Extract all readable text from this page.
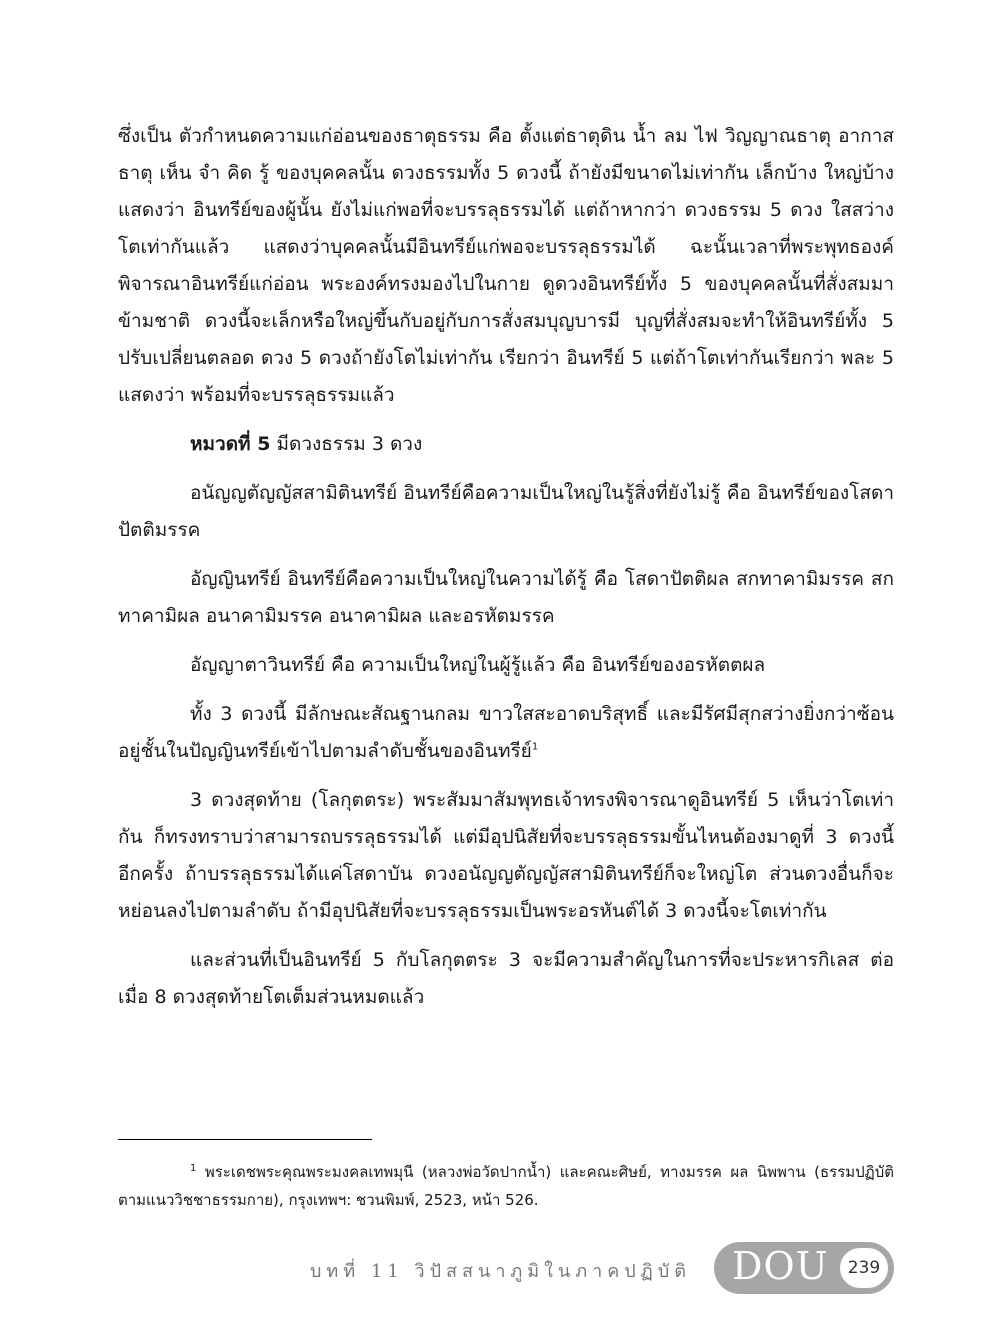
ซึ่งเป็น ตัวกำหนดความแก่อ่อนของธาตุธรรม คือ ตั้งแต่ธาตุดิน น้ำ ลม ไฟ วิญญาณธาตุ อากาสธาตุ เห็น จำ คิด รู้ ของบุคคลนั้น ดวงธรรมทั้ง 5 ดวงนี้ ถ้ายังมีขนาดไม่เท่ากัน เล็กบ้าง ใหญ่บ้าง แสดงว่า อินทรีย์ของผู้นั้น ยังไม่แก่พอที่จะบรรลุธรรมได้ แต่ถ้าหากว่า ดวงธรรม 5 ดวง ใสสว่างโตเท่ากันแล้ว แสดงว่าบุคคลนั้นมีอินทรีย์แก่พอจะบรรลุธรรมได้ ฉะนั้นเวลาที่พระพุทธองค์พิจารณาอินทรีย์แก่อ่อน พระองค์ทรงมองไปในกาย ดูดวงอินทรีย์ทั้ง 5 ของบุคคลนั้นที่สั่งสมมาข้ามชาติ ดวงนี้จะเล็กหรือใหญ่ขึ้นกับอยู่กับการสั่งสมบุญบารมี บุญที่สั่งสมจะทำให้อินทรีย์ทั้ง 5 ปรับเปลี่ยนตลอด ดวง 5 ดวงถ้ายังโตไม่เท่ากัน เรียกว่า อินทรีย์ 5 แต่ถ้าโตเท่ากันเรียกว่า พละ 5 แสดงว่า พร้อมที่จะบรรลุธรรมแล้ว

หมวดที่ 5 มีดวงธรรม 3 ดวง

อนัญญตัญญัสสามิตินทรีย์ อินทรีย์คือความเป็นใหญ่ในรู้สิ่งที่ยังไม่รู้ คือ อินทรีย์ของโสดาปัตติมรรค

อัญญินทรีย์ อินทรีย์คือความเป็นใหญ่ในความได้รู้ คือ โสดาปัตติผล สกทาคามิมรรค สกทาคามิผล อนาคามิมรรค อนาคามิผล และอรหัตมรรค

อัญญาตาวินทรีย์ คือ ความเป็นใหญ่ในผู้รู้แล้ว คือ อินทรีย์ของอรหัตตผล

ทั้ง 3 ดวงนี้ มีลักษณะสัณฐานกลม ขาวใสสะอาดบริสุทธิ์ และมีรัศมีสุกสว่างยิ่งกว่าซ้อนอยู่ชั้นในปัญญินทรีย์เข้าไปตามลำดับชั้นของอินทรีย์$^1$

3 ดวงสุดท้าย (โลกุตตระ) พระสัมมาสัมพุทธเจ้าทรงพิจารณาดูอินทรีย์ 5 เห็นว่าโตเท่ากัน ก็ทรงทราบว่าสามารถบรรลุธรรมได้ แต่มีอุปนิสัยที่จะบรรลุธรรมขั้นไหนต้องมาดูที่ 3 ดวงนี้อีกครั้ง ถ้าบรรลุธรรมได้แค่โสดาบัน ดวงอนัญญตัญญัสสามิตินทรีย์ก็จะใหญ่โต ส่วนดวงอื่นก็จะหย่อนลงไปตามลำดับ ถ้ามีอุปนิสัยที่จะบรรลุธรรมเป็นพระอรหันต์ได้ 3 ดวงนี้จะโตเท่ากัน

และส่วนที่เป็นอินทรีย์ 5 กับโลกุตตระ 3 จะมีความสำคัญในการที่จะประหารกิเลส ต่อเมื่อ 8 ดวงสุดท้ายโตเต็มส่วนหมดแล้ว

$^1$ พระเดชพระคุณพระมงคลเทพมุนี (หลวงพ่อวัดปากน้ำ) และคณะศิษย์, ทางมรรค ผล นิพพาน (ธรรมปฏิบัติตามแนววิชชาธรรมกาย), กรุงเทพฯ: ชวนพิมพ์, 2523, หน้า 526.
บทที่ 11 วิปัสสนาภูมิในภาคปฏิบัติ DOU	239
